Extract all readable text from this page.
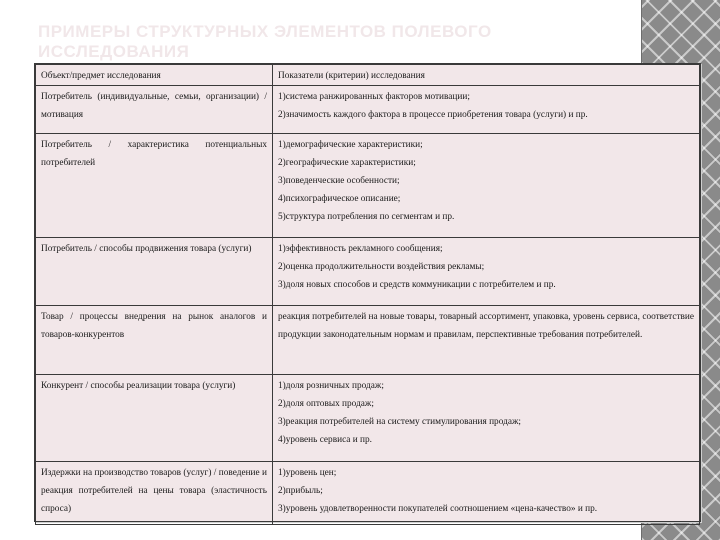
ПРИМЕРЫ СТРУКТУРНЫХ ЭЛЕМЕНТОВ ПОЛЕВОГО ИССЛЕДОВАНИЯ
Объект/предмет исследования	Показатели (критерии) исследования
Потребитель (индивидуальные, семьи, организации) / мотивация	1)система ранжированных факторов мотивации;
2)значимость каждого фактора в процессе приобретения товара (услуги) и пр.

Потребитель / характеристика потенциальных потребителей	1)демографические характеристики;
2)географические характеристики;
3)поведенческие особенности;
4)психографическое описание;
5)структура потребления по сегментам и пр.

Потребитель / способы продвижения товара (услуги)	1)эффективность рекламного сообщения;
2)оценка продолжительности воздействия рекламы;
3)доля новых способов и средств коммуникации с потребителем и пр.

Товар / процессы внедрения на рынок аналогов и товаров-конкурентов	реакция потребителей на новые товары, товарный ассортимент, упаковка, уровень сервиса, соответствие продукции законодательным нормам и правилам, перспективные требования потребителей.

Конкурент / способы реализации товара (услуги)	1)доля розничных продаж;
2)доля оптовых продаж;
3)реакция потребителей на систему стимулирования продаж;
4)уровень сервиса и пр.

Издержки на производство товаров (услуг) / поведение и реакция потребителей на цены товара (эластичность спроса)	1)уровень цен;
2)прибыль;
3)уровень удовлетворенности покупателей соотношением «цена-качество» и пр.
